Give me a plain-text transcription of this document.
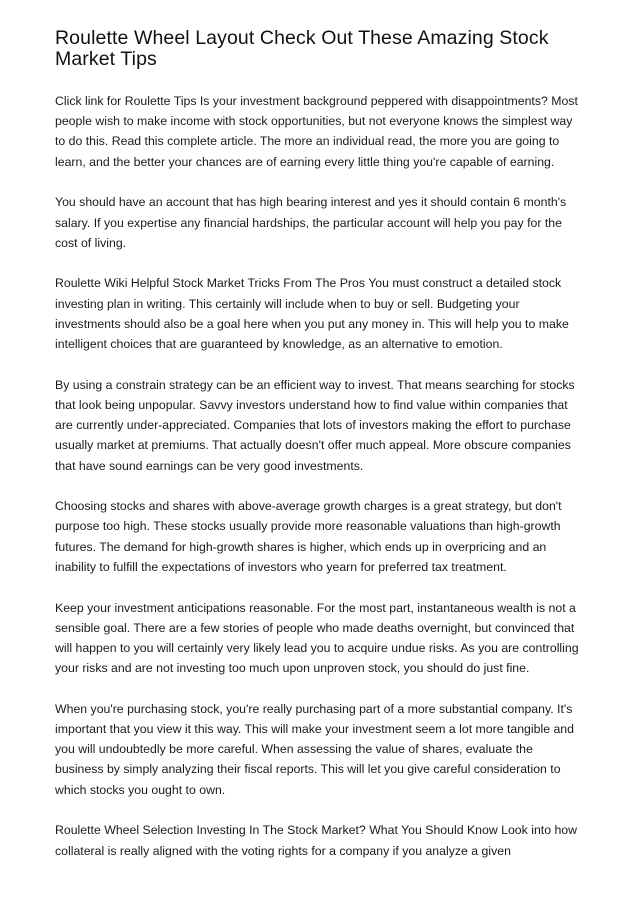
Roulette Wheel Layout Check Out These Amazing Stock Market Tips

Click link for Roulette Tips Is your investment background peppered with disappointments? Most people wish to make income with stock opportunities, but not everyone knows the simplest way to do this. Read this complete article. The more an individual read, the more you are going to learn, and the better your chances are of earning every little thing you're capable of earning.

You should have an account that has high bearing interest and yes it should contain 6 month's salary. If you expertise any financial hardships, the particular account will help you pay for the cost of living.

Roulette Wiki Helpful Stock Market Tricks From The Pros You must construct a detailed stock investing plan in writing. This certainly will include when to buy or sell. Budgeting your investments should also be a goal here when you put any money in. This will help you to make intelligent choices that are guaranteed by knowledge, as an alternative to emotion.

By using a constrain strategy can be an efficient way to invest. That means searching for stocks that look being unpopular. Savvy investors understand how to find value within companies that are currently under-appreciated. Companies that lots of investors making the effort to purchase usually market at premiums. That actually doesn't offer much appeal. More obscure companies that have sound earnings can be very good investments.

Choosing stocks and shares with above-average growth charges is a great strategy, but don't purpose too high. These stocks usually provide more reasonable valuations than high-growth futures. The demand for high-growth shares is higher, which ends up in overpricing and an inability to fulfill the expectations of investors who yearn for preferred tax treatment.

Keep your investment anticipations reasonable. For the most part, instantaneous wealth is not a sensible goal. There are a few stories of people who made deaths overnight, but convinced that will happen to you will certainly very likely lead you to acquire undue risks. As you are controlling your risks and are not investing too much upon unproven stock, you should do just fine.

When you're purchasing stock, you're really purchasing part of a more substantial company. It's important that you view it this way. This will make your investment seem a lot more tangible and you will undoubtedly be more careful. When assessing the value of shares, evaluate the business by simply analyzing their fiscal reports. This will let you give careful consideration to which stocks you ought to own.

Roulette Wheel Selection Investing In The Stock Market? What You Should Know Look into how collateral is really aligned with the voting rights for a company if you analyze a given
